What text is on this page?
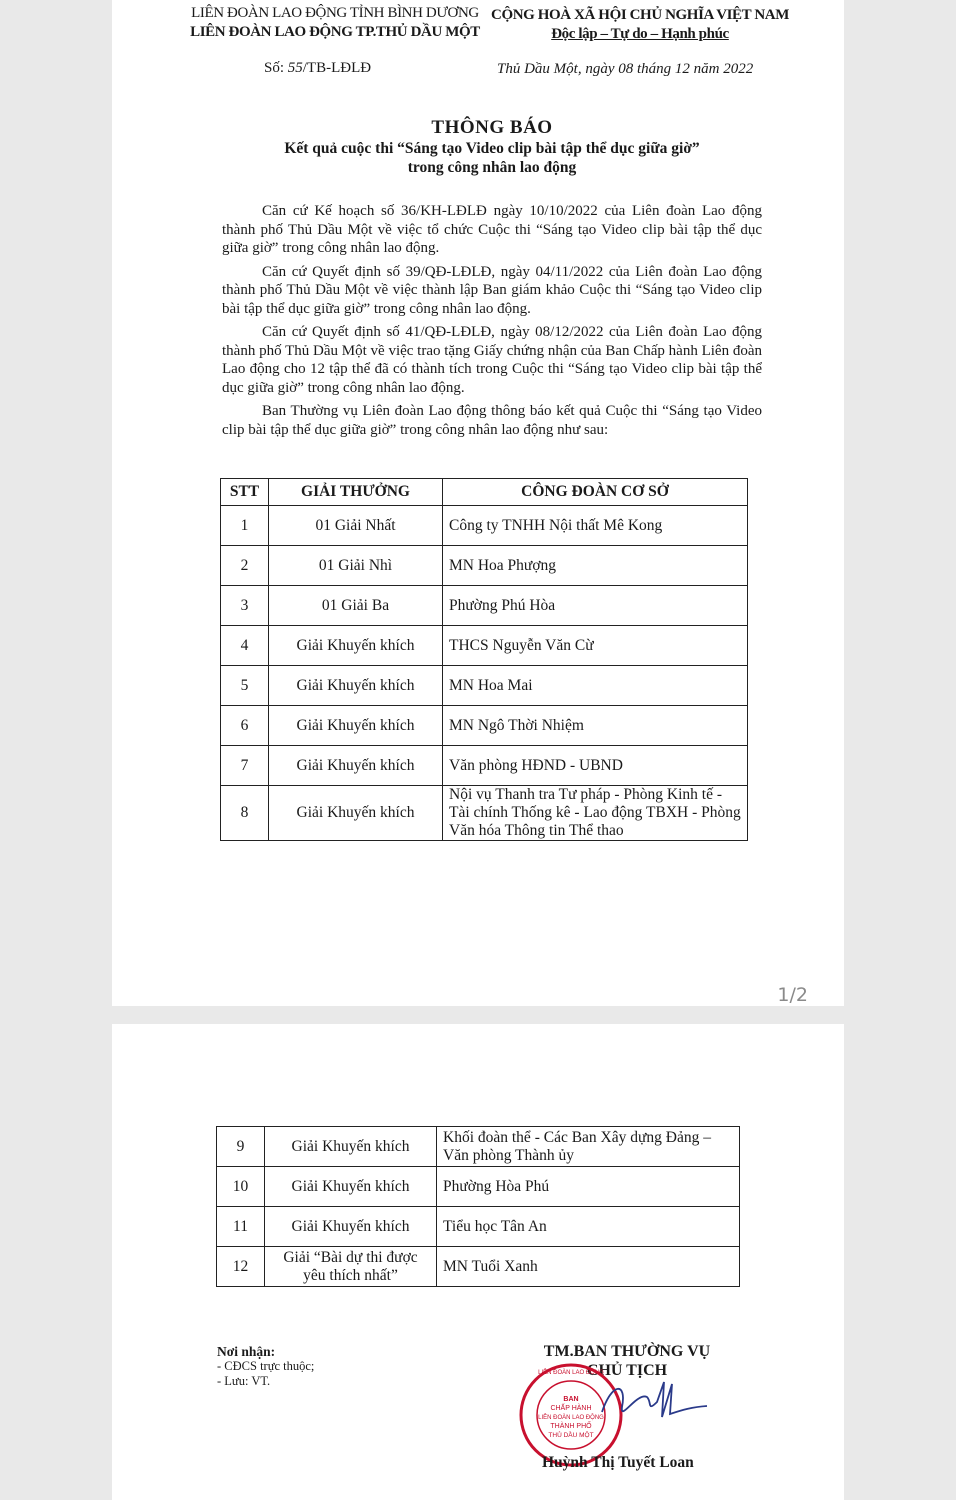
LIÊN ĐOÀN LAO ĐỘNG TỈNH BÌNH DƯƠNG
LIÊN ĐOÀN LAO ĐỘNG TP.THỦ DẦU MỘT
CỘNG HOÀ XÃ HỘI CHỦ NGHĨA VIỆT NAM
Độc lập – Tự do – Hạnh phúc
Số: 55/TB-LĐLĐ	Thủ Dầu Một, ngày 08 tháng 12 năm 2022
THÔNG BÁO
Kết quả cuộc thi “Sáng tạo Video clip bài tập thể dục giữa giờ”
trong công nhân lao động

Căn cứ Kế hoạch số 36/KH-LĐLĐ ngày 10/10/2022 của Liên đoàn Lao động thành phố Thủ Dầu Một về việc tổ chức Cuộc thi “Sáng tạo Video clip bài tập thể dục giữa giờ” trong công nhân lao động.

Căn cứ Quyết định số 39/QĐ-LĐLĐ, ngày 04/11/2022 của Liên đoàn Lao động thành phố Thủ Dầu Một về việc thành lập Ban giám khảo Cuộc thi “Sáng tạo Video clip bài tập thể dục giữa giờ” trong công nhân lao động.

Căn cứ Quyết định số 41/QĐ-LĐLĐ, ngày 08/12/2022 của Liên đoàn Lao động thành phố Thủ Dầu Một về việc trao tặng Giấy chứng nhận của Ban Chấp hành Liên đoàn Lao động cho 12 tập thể đã có thành tích trong Cuộc thi “Sáng tạo Video clip bài tập thể dục giữa giờ” trong công nhân lao động.

Ban Thường vụ Liên đoàn Lao động thông báo kết quả Cuộc thi “Sáng tạo Video clip bài tập thể dục giữa giờ” trong công nhân lao động như sau:

STT	GIẢI THƯỞNG	CÔNG ĐOÀN CƠ SỞ
1	01 Giải Nhất	Công ty TNHH Nội thất Mê Kong
2	01 Giải Nhì	MN Hoa Phượng
3	01 Giải Ba	Phường Phú Hòa
4	Giải Khuyến khích	THCS Nguyễn Văn Cừ
5	Giải Khuyến khích	MN Hoa Mai
6	Giải Khuyến khích	MN Ngô Thời Nhiệm
7	Giải Khuyến khích	Văn phòng HĐND - UBND
8	Giải Khuyến khích	Nội vụ Thanh tra Tư pháp - Phòng Kinh tế - Tài chính Thống kê - Lao động TBXH - Phòng Văn hóa Thông tin Thể thao
1/2
9	Giải Khuyến khích	Khối đoàn thể - Các Ban Xây dựng Đảng – Văn phòng Thành ủy
10	Giải Khuyến khích	Phường Hòa Phú
11	Giải Khuyến khích	Tiểu học Tân An
12	Giải “Bài dự thi được yêu thích nhất”	MN Tuổi Xanh
Nơi nhận:
- CĐCS trực thuộc;
- Lưu: VT.
TM.BAN THƯỜNG VỤ
CHỦ TỊCH
BAN
CHẤP HÀNH
LIÊN ĐOÀN LAO ĐỘNG
THÀNH PHỐ
THỦ DẦU MỘT
LIÊN ĐOÀN LAO ĐỘNG
Huỳnh Thị Tuyết Loan
